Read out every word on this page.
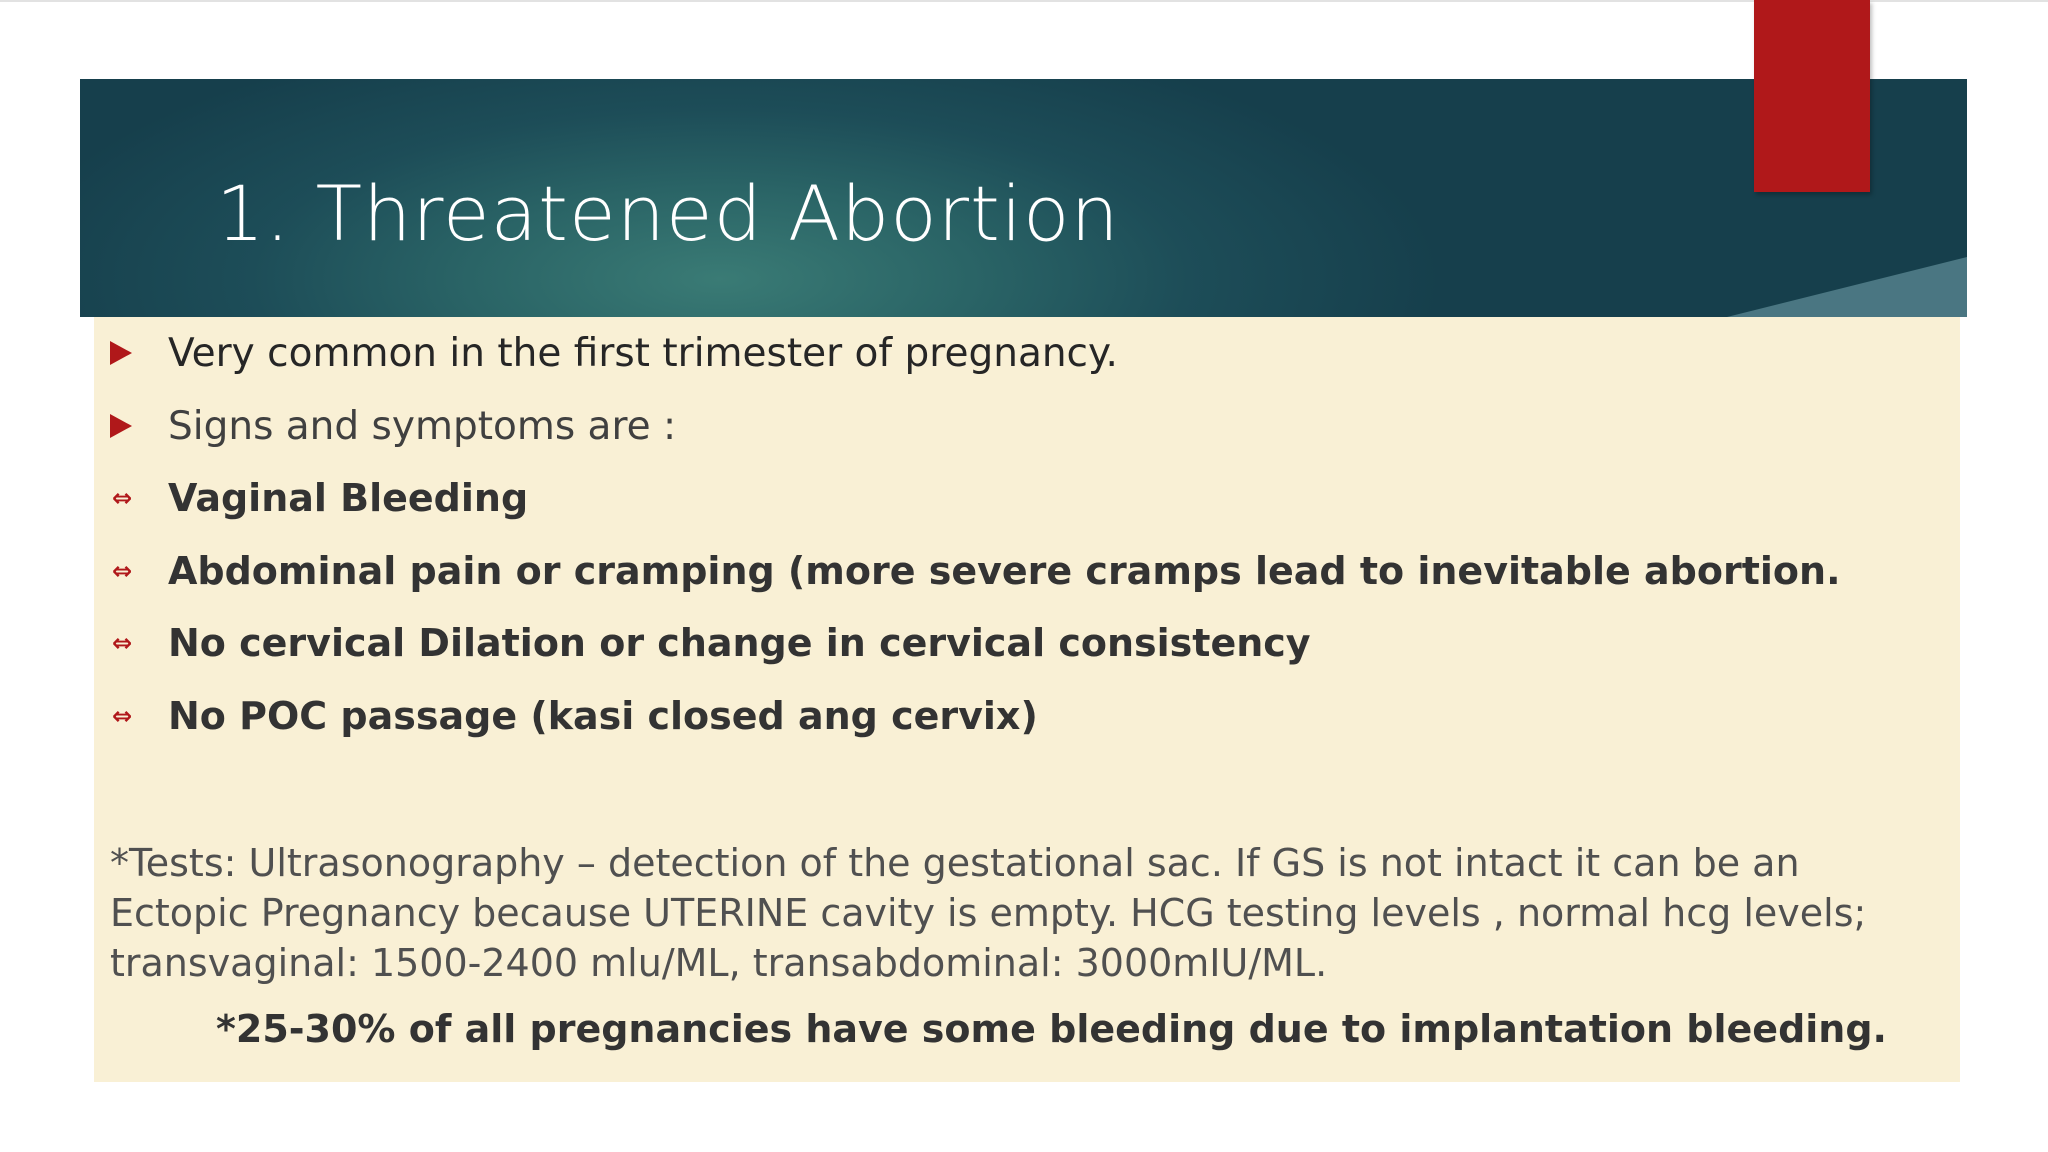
1. Threatened Abortion
Very common in the first trimester of pregnancy.
Signs and symptoms are :
⇔ Vaginal Bleeding
⇔ Abdominal pain or cramping (more severe cramps lead to inevitable abortion.
⇔ No cervical Dilation or change in cervical consistency
⇔ No POC passage (kasi closed ang cervix)

*Tests: Ultrasonography – detection of the gestational sac. If GS is not intact it can be an Ectopic Pregnancy because UTERINE cavity is empty. HCG testing levels , normal hcg levels; transvaginal: 1500-2400 mlu/ML, transabdominal: 3000mIU/ML.

*25-30% of all pregnancies have some bleeding due to implantation bleeding.
